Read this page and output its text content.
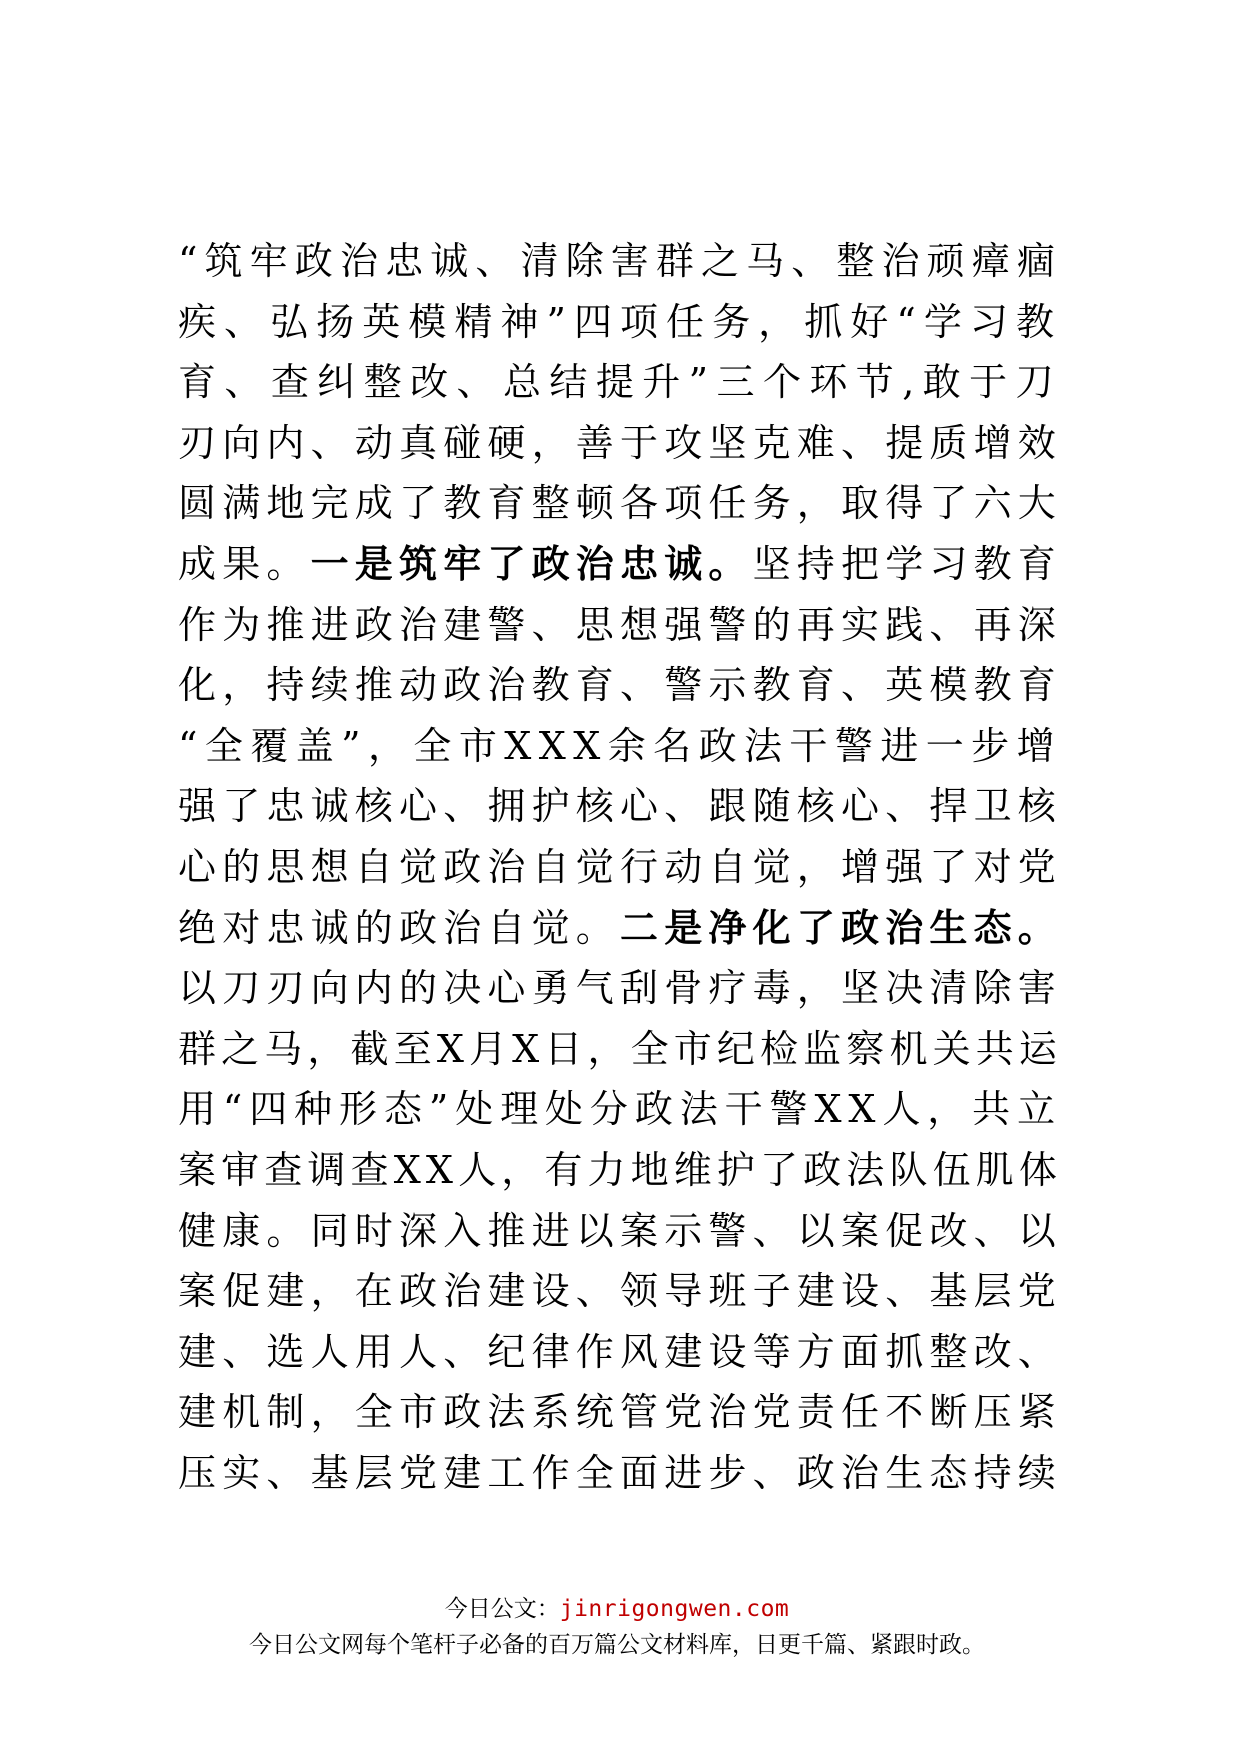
“筑牢政治忠诚、清除害群之马、整治顽瘴痼

疾、弘扬英模精神”四项任务，抓好“学习教

育、查纠整改、总结提升”三个环节,敢于刀

刃向内、动真碰硬，善于攻坚克难、提质增效

圆满地完成了教育整顿各项任务，取得了六大

成果。一是筑牢了政治忠诚。坚持把学习教育

作为推进政治建警、思想强警的再实践、再深

化，持续推动政治教育、警示教育、英模教育

“全覆盖”，全市XXX余名政法干警进一步增

强了忠诚核心、拥护核心、跟随核心、捍卫核

心的思想自觉政治自觉行动自觉，增强了对党

绝对忠诚的政治自觉。二是净化了政治生态。

以刀刃向内的决心勇气刮骨疗毒，坚决清除害

群之马，截至X月X日，全市纪检监察机关共运

用“四种形态”处理处分政法干警XX人，共立

案审查调查XX人，有力地维护了政法队伍肌体

健康。同时深入推进以案示警、以案促改、以

案促建，在政治建设、领导班子建设、基层党

建、选人用人、纪律作风建设等方面抓整改、

建机制，全市政法系统管党治党责任不断压紧

压实、基层党建工作全面进步、政治生态持续

今日公文：jinrigongwen.com
今日公文网每个笔杆子必备的百万篇公文材料库，日更千篇、紧跟时政。
